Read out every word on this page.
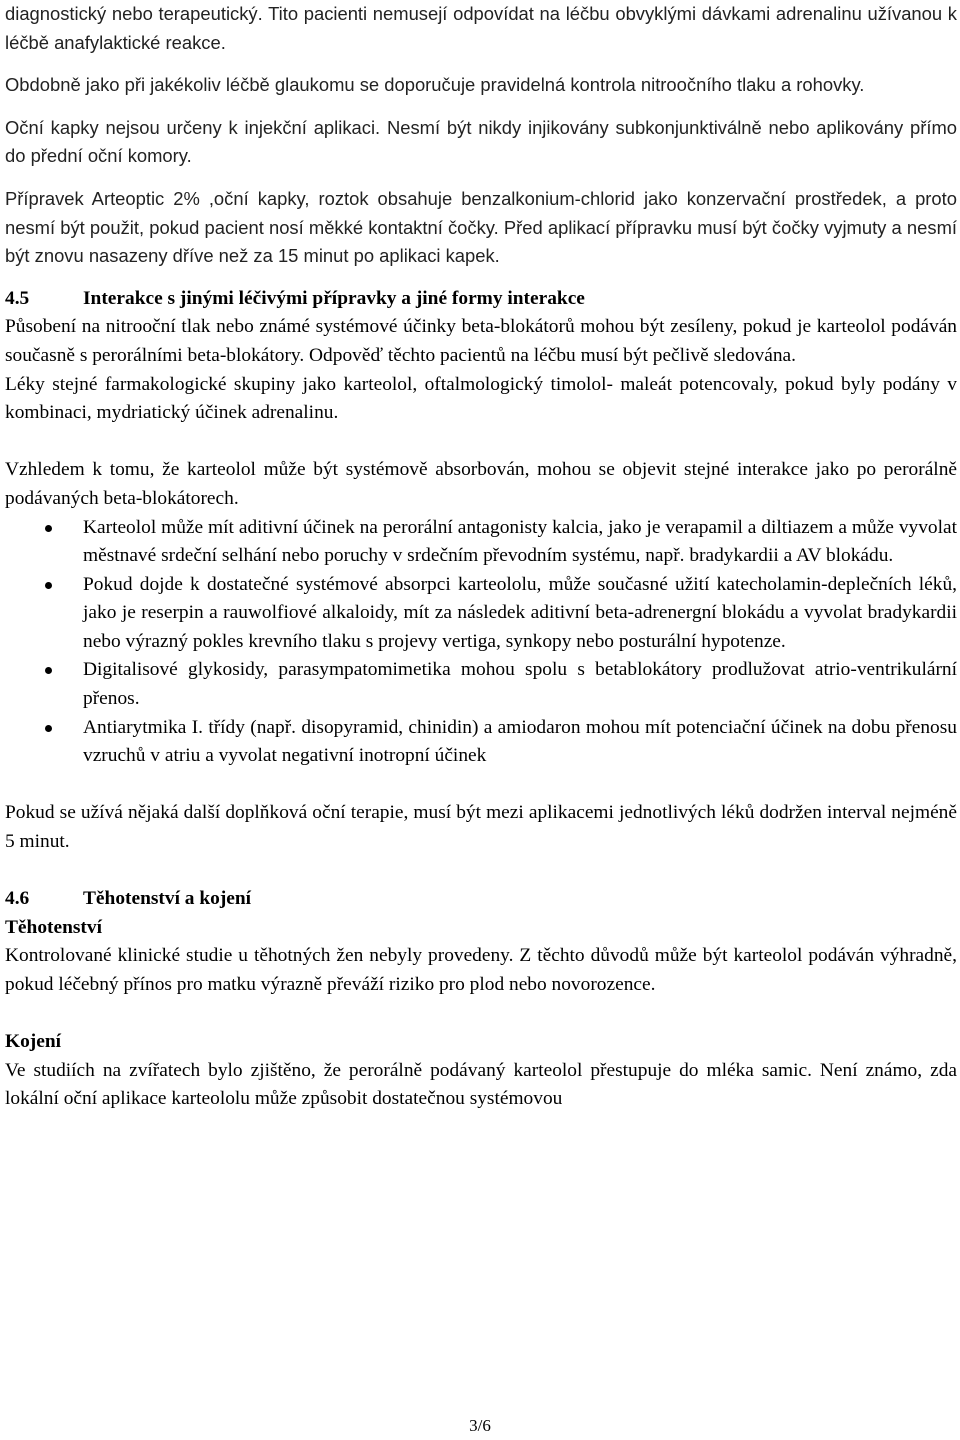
diagnostický nebo terapeutický. Tito pacienti nemusejí odpovídat na léčbu obvyklými dávkami adrenalinu užívanou k léčbě anafylaktické reakce.

Obdobně jako při jakékoliv léčbě glaukomu se doporučuje pravidelná kontrola nitroočního tlaku a rohovky.

Oční kapky nejsou určeny k injekční aplikaci. Nesmí být nikdy injikovány subkonjunktiválně nebo aplikovány přímo do přední oční komory.

Přípravek Arteoptic 2% ,oční kapky, roztok obsahuje benzalkonium-chlorid jako konzervační prostředek, a proto nesmí být použit, pokud pacient nosí měkké kontaktní čočky. Před aplikací přípravku musí být čočky vyjmuty a nesmí být znovu nasazeny dříve než za 15 minut po aplikaci kapek.

4.5	Interakce s jinými léčivými přípravky a jiné formy interakce

Působení na nitrooční tlak nebo známé systémové účinky beta-blokátorů mohou být zesíleny, pokud je karteolol podáván současně s perorálními beta-blokátory. Odpověď těchto pacientů na léčbu musí být pečlivě sledována.

Léky stejné farmakologické skupiny jako karteolol, oftalmologický timolol- maleát potencovaly, pokud byly podány v kombinaci, mydriatický účinek adrenalinu.

Vzhledem k tomu, že karteolol může být systémově absorbován, mohou se objevit stejné interakce jako po perorálně podávaných beta-blokátorech.

Karteolol může mít aditivní účinek na perorální antagonisty kalcia, jako je verapamil a diltiazem a může vyvolat městnavé srdeční selhání nebo poruchy v srdečním převodním systému, např. bradykardii a AV blokádu.
Pokud dojde k dostatečné systémové absorpci karteololu, může současné užití katecholamin-deplečních léků, jako je reserpin a rauwolfiové alkaloidy, mít za následek aditivní beta-adrenergní blokádu a vyvolat bradykardii nebo výrazný pokles krevního tlaku s projevy vertiga, synkopy nebo posturální hypotenze.
Digitalisové glykosidy, parasympatomimetika mohou spolu s betablokátory prodlužovat atrio-ventrikulární přenos.
Antiarytmika I. třídy (např. disopyramid, chinidin) a amiodaron mohou mít potenciační účinek na dobu přenosu vzruchů v atriu a vyvolat negativní inotropní účinek

Pokud se užívá nějaká další doplňková oční terapie, musí být mezi aplikacemi jednotlivých léků dodržen interval nejméně 5 minut.

4.6	Těhotenství a kojení

Těhotenství

Kontrolované klinické studie u těhotných žen nebyly provedeny. Z těchto důvodů může být karteolol podáván výhradně, pokud léčebný přínos pro matku výrazně převáží riziko pro plod nebo novorozence.

Kojení

Ve studiích na zvířatech bylo zjištěno, že perorálně podávaný karteolol přestupuje do mléka samic. Není známo, zda lokální oční aplikace karteololu může způsobit dostatečnou systémovou

3/6
